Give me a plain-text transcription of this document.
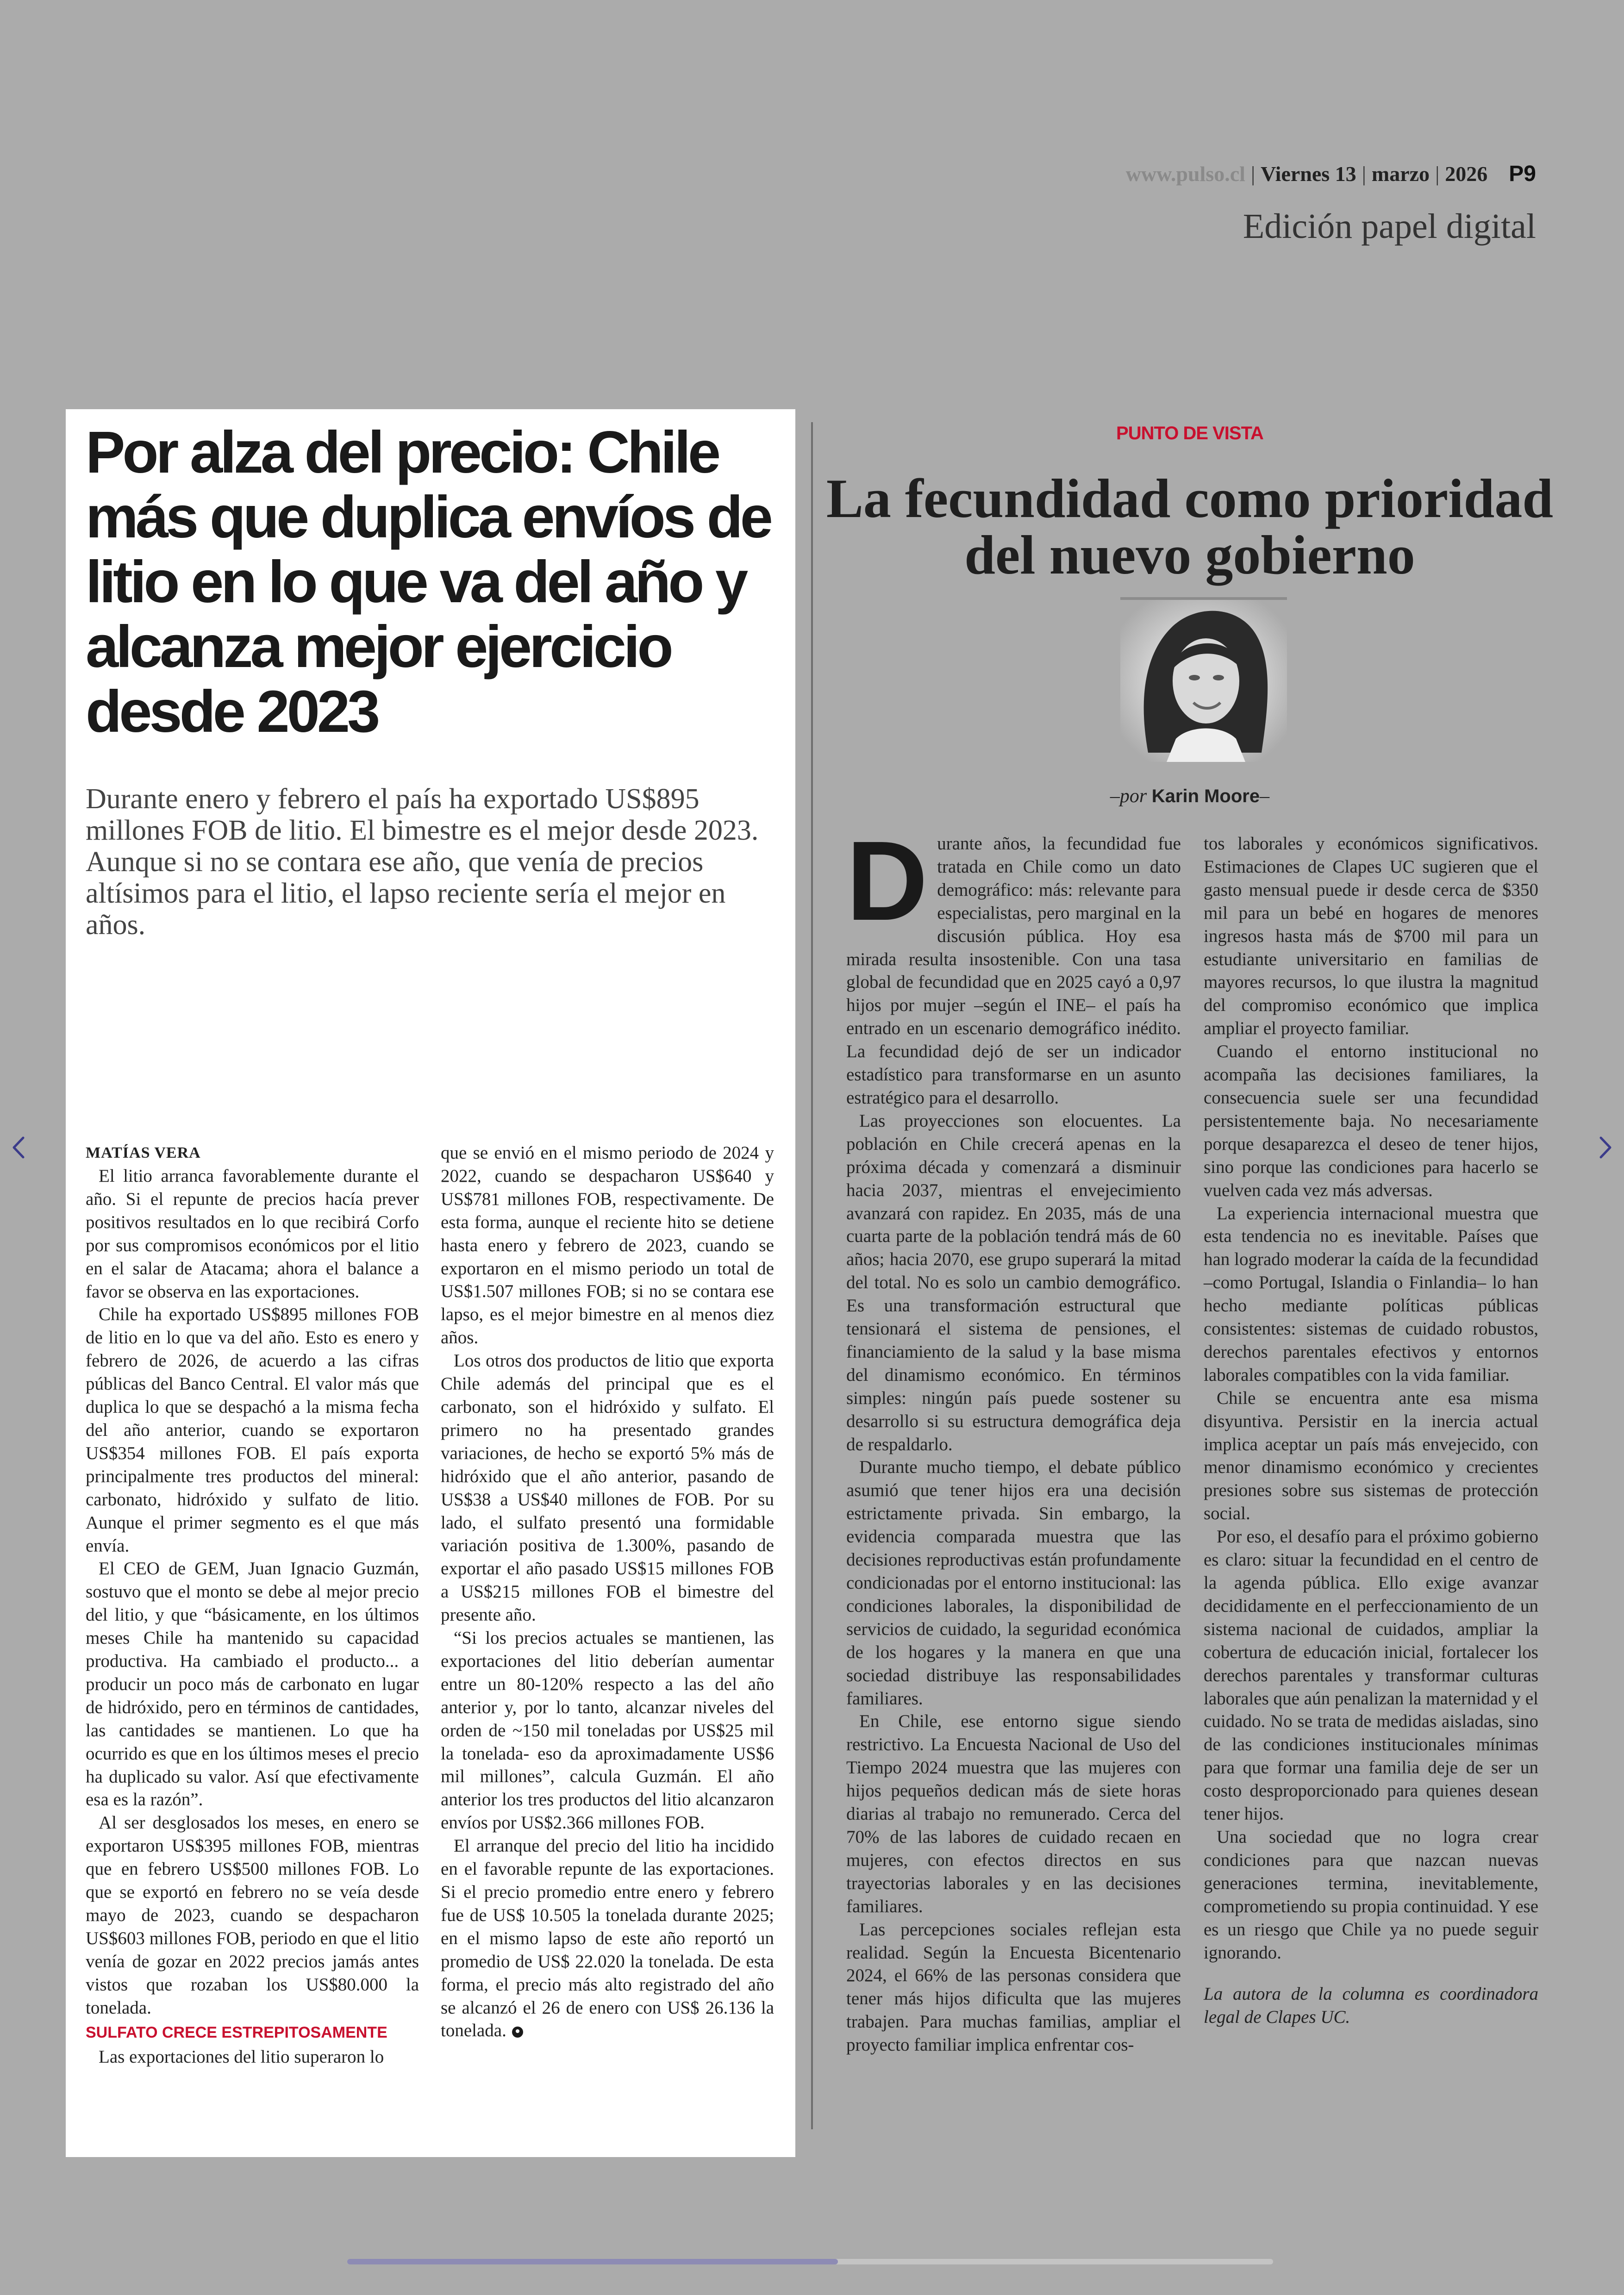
www.pulso.cl | Viernes 13 | marzo | 2026 P9
Edición papel digital
Por alza del precio: Chile más que duplica envíos de litio en lo que va del año y alcanza mejor ejercicio desde 2023

Durante enero y febrero el país ha exportado US$895 millones FOB de litio. El bimestre es el mejor desde 2023. Aunque si no se contara ese año, que venía de precios altísimos para el litio, el lapso reciente sería el mejor en años.

MATÍAS VERA

El litio arranca favorablemente durante el año. Si el repunte de precios hacía prever positivos resultados en lo que recibirá Corfo por sus compromisos económicos por el litio en el salar de Atacama; ahora el balance a favor se observa en las exportaciones.

Chile ha exportado US$895 millones FOB de litio en lo que va del año. Esto es enero y febrero de 2026, de acuerdo a las cifras públicas del Banco Central. El valor más que duplica lo que se despachó a la misma fecha del año anterior, cuando se exportaron US$354 millones FOB. El país exporta principalmente tres productos del mineral: carbonato, hidróxido y sulfato de litio. Aunque el primer segmento es el que más envía.

El CEO de GEM, Juan Ignacio Guzmán, sostuvo que el monto se debe al mejor precio del litio, y que “básicamente, en los últimos meses Chile ha mantenido su capacidad productiva. Ha cambiado el producto... a producir un poco más de carbonato en lugar de hidróxido, pero en términos de cantidades, las cantidades se mantienen. Lo que ha ocurrido es que en los últimos meses el precio ha duplicado su valor. Así que efectivamente esa es la razón”.

Al ser desglosados los meses, en enero se exportaron US$395 millones FOB, mientras que en febrero US$500 millones FOB. Lo que se exportó en febrero no se veía desde mayo de 2023, cuando se despacharon US$603 millones FOB, periodo en que el litio venía de gozar en 2022 precios jamás antes vistos que rozaban los US$80.000 la tonelada.

SULFATO CRECE ESTREPITOSAMENTE

Las exportaciones del litio superaron lo

que se envió en el mismo periodo de 2024 y 2022, cuando se despacharon US$640 y US$781 millones FOB, respectivamente. De esta forma, aunque el reciente hito se detiene hasta enero y febrero de 2023, cuando se exportaron en el mismo periodo un total de US$1.507 millones FOB; si no se contara ese lapso, es el mejor bimestre en al menos diez años.

Los otros dos productos de litio que exporta Chile además del principal que es el carbonato, son el hidróxido y sulfato. El primero no ha presentado grandes variaciones, de hecho se exportó 5% más de hidróxido que el año anterior, pasando de US$38 a US$40 millones de FOB. Por su lado, el sulfato presentó una formidable variación positiva de 1.300%, pasando de exportar el año pasado US$15 millones FOB a US$215 millones FOB el bimestre del presente año.

“Si los precios actuales se mantienen, las exportaciones del litio deberían aumentar entre un 80-120% respecto a las del año anterior y, por lo tanto, alcanzar niveles del orden de ~150 mil toneladas por US$25 mil la tonelada- eso da aproximadamente US$6 mil millones”, calcula Guzmán. El año anterior los tres productos del litio alcanzaron envíos por US$2.366 millones FOB.

El arranque del precio del litio ha incidido en el favorable repunte de las exportaciones. Si el precio promedio entre enero y febrero fue de US$ 10.505 la tonelada durante 2025; en el mismo lapso de este año reportó un promedio de US$ 22.020 la tonelada. De esta forma, el precio más alto registrado del año se alcanzó el 26 de enero con US$ 26.136 la tonelada.

PUNTO DE VISTA
La fecundidad como prioridad del nuevo gobierno
–por Karin Moore–

Durante años, la fecundidad fue tratada en Chile como un dato demográfico: más: relevante para especialistas, pero marginal en la discusión pública. Hoy esa mirada resulta insostenible. Con una tasa global de fecundidad que en 2025 cayó a 0,97 hijos por mujer –según el INE– el país ha entrado en un escenario demográfico inédito. La fecundidad dejó de ser un indicador estadístico para transformarse en un asunto estratégico para el desarrollo.

Las proyecciones son elocuentes. La población en Chile crecerá apenas en la próxima década y comenzará a disminuir hacia 2037, mientras el envejecimiento avanzará con rapidez. En 2035, más de una cuarta parte de la población tendrá más de 60 años; hacia 2070, ese grupo superará la mitad del total. No es solo un cambio demográfico. Es una transformación estructural que tensionará el sistema de pensiones, el financiamiento de la salud y la base misma del dinamismo económico. En términos simples: ningún país puede sostener su desarrollo si su estructura demográfica deja de respaldarlo.

Durante mucho tiempo, el debate público asumió que tener hijos era una decisión estrictamente privada. Sin embargo, la evidencia comparada muestra que las decisiones reproductivas están profundamente condicionadas por el entorno institucional: las condiciones laborales, la disponibilidad de servicios de cuidado, la seguridad económica de los hogares y la manera en que una sociedad distribuye las responsabilidades familiares.

En Chile, ese entorno sigue siendo restrictivo. La Encuesta Nacional de Uso del Tiempo 2024 muestra que las mujeres con hijos pequeños dedican más de siete horas diarias al trabajo no remunerado. Cerca del 70% de las labores de cuidado recaen en mujeres, con efectos directos en sus trayectorias laborales y en las decisiones familiares.

Las percepciones sociales reflejan esta realidad. Según la Encuesta Bicentenario 2024, el 66% de las personas considera que tener más hijos dificulta que las mujeres trabajen. Para muchas familias, ampliar el proyecto familiar implica enfrentar cos-

tos laborales y económicos significativos. Estimaciones de Clapes UC sugieren que el gasto mensual puede ir desde cerca de $350 mil para un bebé en hogares de menores ingresos hasta más de $700 mil para un estudiante universitario en familias de mayores recursos, lo que ilustra la magnitud del compromiso económico que implica ampliar el proyecto familiar.

Cuando el entorno institucional no acompaña las decisiones familiares, la consecuencia suele ser una fecundidad persistentemente baja. No necesariamente porque desaparezca el deseo de tener hijos, sino porque las condiciones para hacerlo se vuelven cada vez más adversas.

La experiencia internacional muestra que esta tendencia no es inevitable. Países que han logrado moderar la caída de la fecundidad –como Portugal, Islandia o Finlandia– lo han hecho mediante políticas públicas consistentes: sistemas de cuidado robustos, derechos parentales efectivos y entornos laborales compatibles con la vida familiar.

Chile se encuentra ante esa misma disyuntiva. Persistir en la inercia actual implica aceptar un país más envejecido, con menor dinamismo económico y crecientes presiones sobre sus sistemas de protección social.

Por eso, el desafío para el próximo gobierno es claro: situar la fecundidad en el centro de la agenda pública. Ello exige avanzar decididamente en el perfeccionamiento de un sistema nacional de cuidados, ampliar la cobertura de educación inicial, fortalecer los derechos parentales y transformar culturas laborales que aún penalizan la maternidad y el cuidado. No se trata de medidas aisladas, sino de las condiciones institucionales mínimas para que formar una familia deje de ser un costo desproporcionado para quienes desean tener hijos.

Una sociedad que no logra crear condiciones para que nazcan nuevas generaciones termina, inevitablemente, comprometiendo su propia continuidad. Y ese es un riesgo que Chile ya no puede seguir ignorando.

La autora de la columna es coordinadora legal de Clapes UC.
